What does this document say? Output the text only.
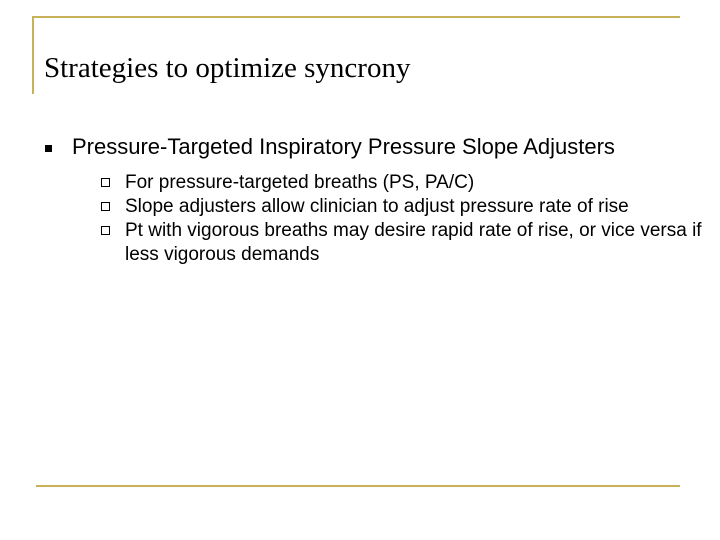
Strategies to optimize syncrony
Pressure-Targeted Inspiratory Pressure Slope Adjusters
For pressure-targeted breaths (PS, PA/C)
Slope adjusters allow clinician to adjust pressure rate of rise
Pt with vigorous breaths may desire rapid rate of rise, or vice versa if less vigorous demands
